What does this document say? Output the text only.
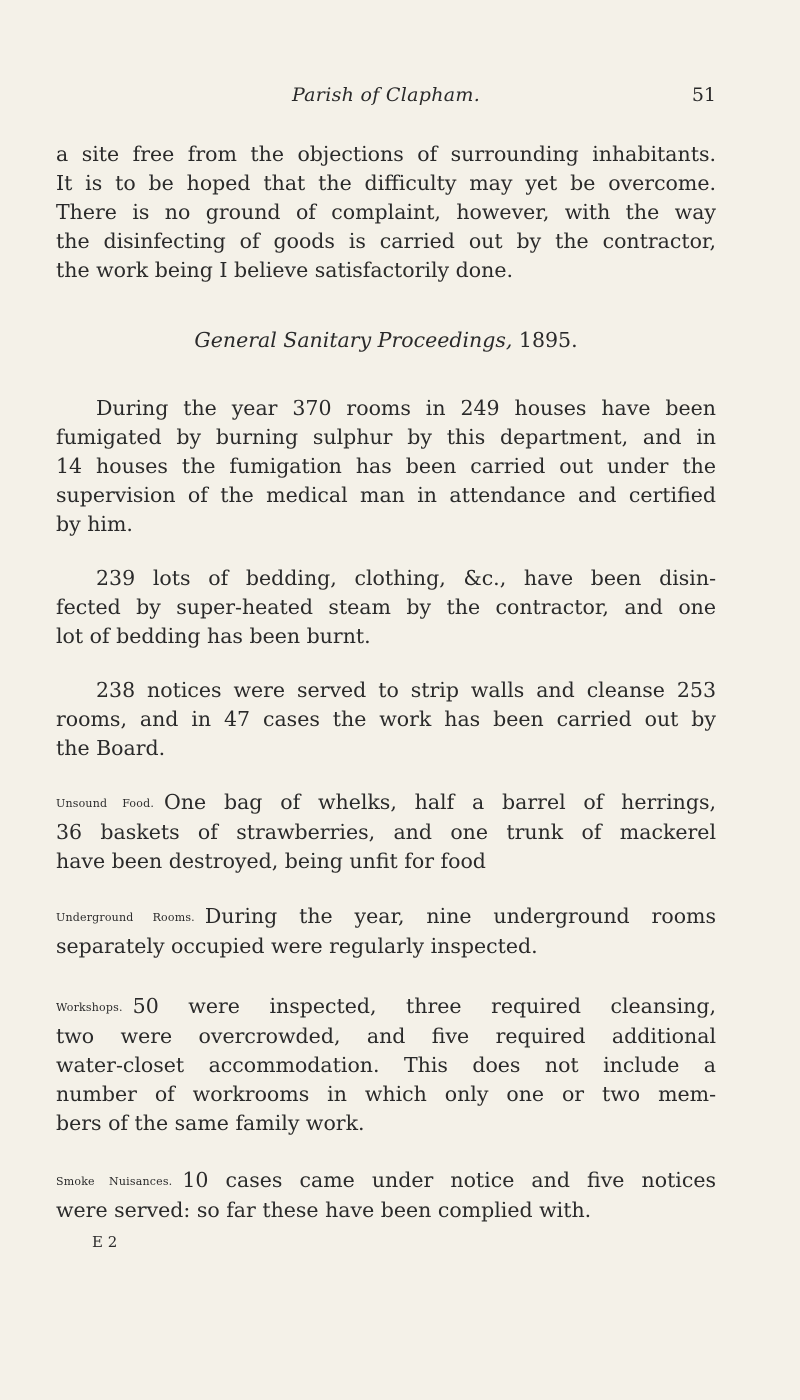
Parish of Clapham.	51
a site free from the objections of surrounding inhabitants.
It is to be hoped that the difficulty may yet be overcome.
There is no ground of complaint, however, with the way
the disinfecting of goods is carried out by the contractor,
the work being I believe satisfactorily done.
General Sanitary Proceedings, 1895.
During the year 370 rooms in 249 houses have been
fumigated by burning sulphur by this department, and in
14 houses the fumigation has been carried out under the
supervision of the medical man in attendance and certified
by him.
239 lots of bedding, clothing, &c., have been disin-
fected by super-heated steam by the contractor, and one
lot of bedding has been burnt.
238 notices were served to strip walls and cleanse 253
rooms, and in 47 cases the work has been carried out by
the Board.
Unsound Food. One bag of whelks, half a barrel of herrings,
36 baskets of strawberries, and one trunk of mackerel
have been destroyed, being unfit for food
Underground Rooms. During the year, nine underground rooms
separately occupied were regularly inspected.
Workshops. 50 were inspected, three required cleansing,
two were overcrowded, and five required additional
water-closet accommodation. This does not include a
number of workrooms in which only one or two mem-
bers of the same family work.
Smoke Nuisances. 10 cases came under notice and five notices
were served: so far these have been complied with.
E 2
